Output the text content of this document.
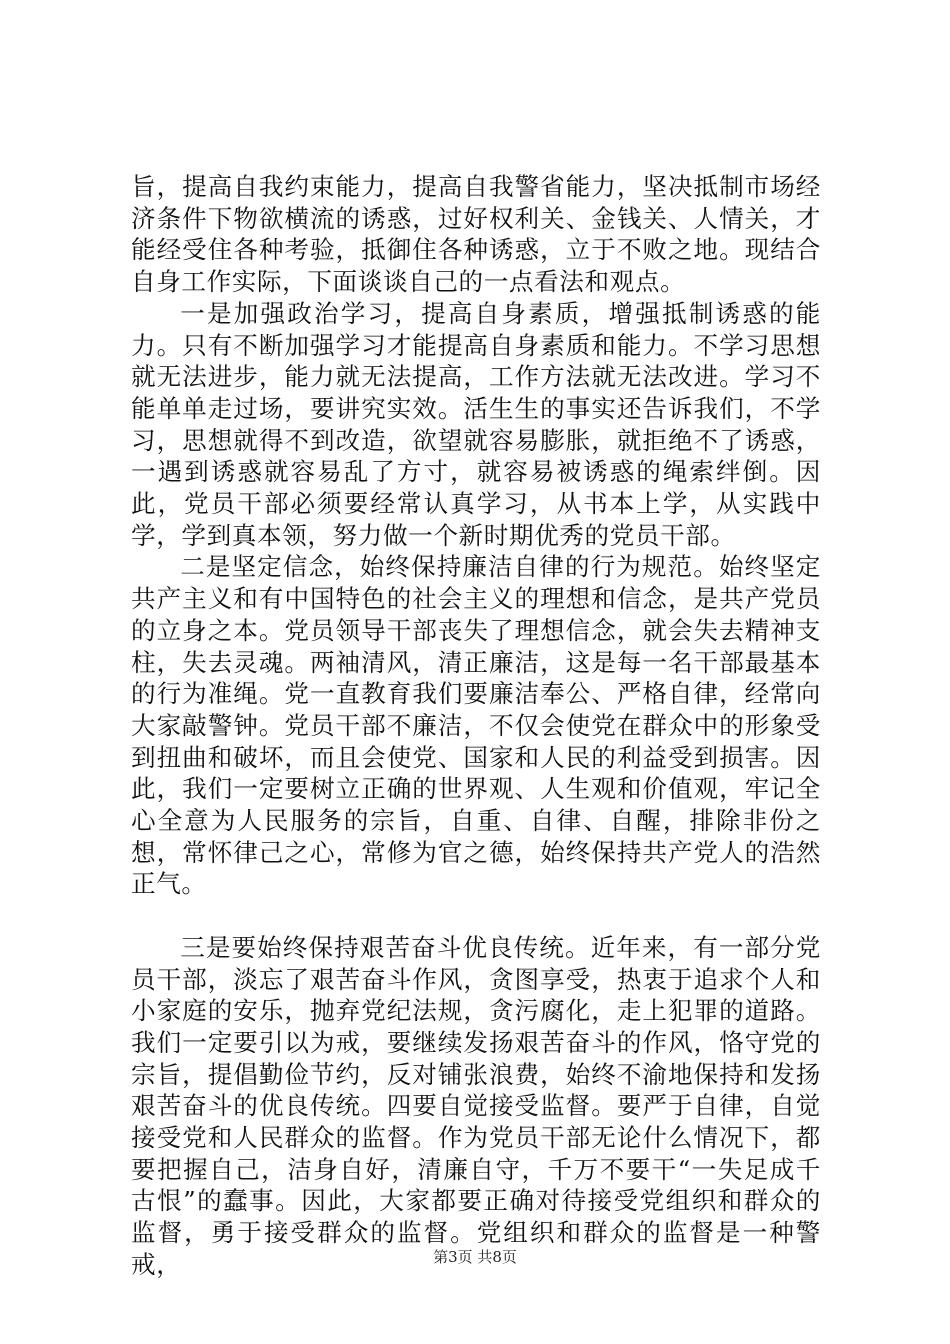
旨，提高自我约束能力，提高自我警省能力，坚决抵制市场经济条件下物欲横流的诱惑，过好权利关、金钱关、人情关，才能经受住各种考验，抵御住各种诱惑，立于不败之地。现结合自身工作实际，下面谈谈自己的一点看法和观点。

一是加强政治学习，提高自身素质，增强抵制诱惑的能力。只有不断加强学习才能提高自身素质和能力。不学习思想就无法进步，能力就无法提高，工作方法就无法改进。学习不能单单走过场，要讲究实效。活生生的事实还告诉我们，不学习，思想就得不到改造，欲望就容易膨胀，就拒绝不了诱惑，一遇到诱惑就容易乱了方寸，就容易被诱惑的绳索绊倒。因此，党员干部必须要经常认真学习，从书本上学，从实践中学，学到真本领，努力做一个新时期优秀的党员干部。

二是坚定信念，始终保持廉洁自律的行为规范。始终坚定共产主义和有中国特色的社会主义的理想和信念，是共产党员的立身之本。党员领导干部丧失了理想信念，就会失去精神支柱，失去灵魂。两袖清风，清正廉洁，这是每一名干部最基本的行为准绳。党一直教育我们要廉洁奉公、严格自律，经常向大家敲警钟。党员干部不廉洁，不仅会使党在群众中的形象受到扭曲和破坏，而且会使党、国家和人民的利益受到损害。因此，我们一定要树立正确的世界观、人生观和价值观，牢记全心全意为人民服务的宗旨，自重、自律、自醒，排除非份之想，常怀律己之心，常修为官之德，始终保持共产党人的浩然正气。

三是要始终保持艰苦奋斗优良传统。近年来，有一部分党员干部，淡忘了艰苦奋斗作风，贪图享受，热衷于追求个人和小家庭的安乐，抛弃党纪法规，贪污腐化，走上犯罪的道路。我们一定要引以为戒，要继续发扬艰苦奋斗的作风，恪守党的宗旨，提倡勤俭节约，反对铺张浪费，始终不渝地保持和发扬艰苦奋斗的优良传统。四要自觉接受监督。要严于自律，自觉接受党和人民群众的监督。作为党员干部无论什么情况下，都要把握自己，洁身自好，清廉自守，千万不要干“一失足成千古恨”的蠢事。因此，大家都要正确对待接受党组织和群众的监督，勇于接受群众的监督。党组织和群众的监督是一种警戒，	第3页 共8页
